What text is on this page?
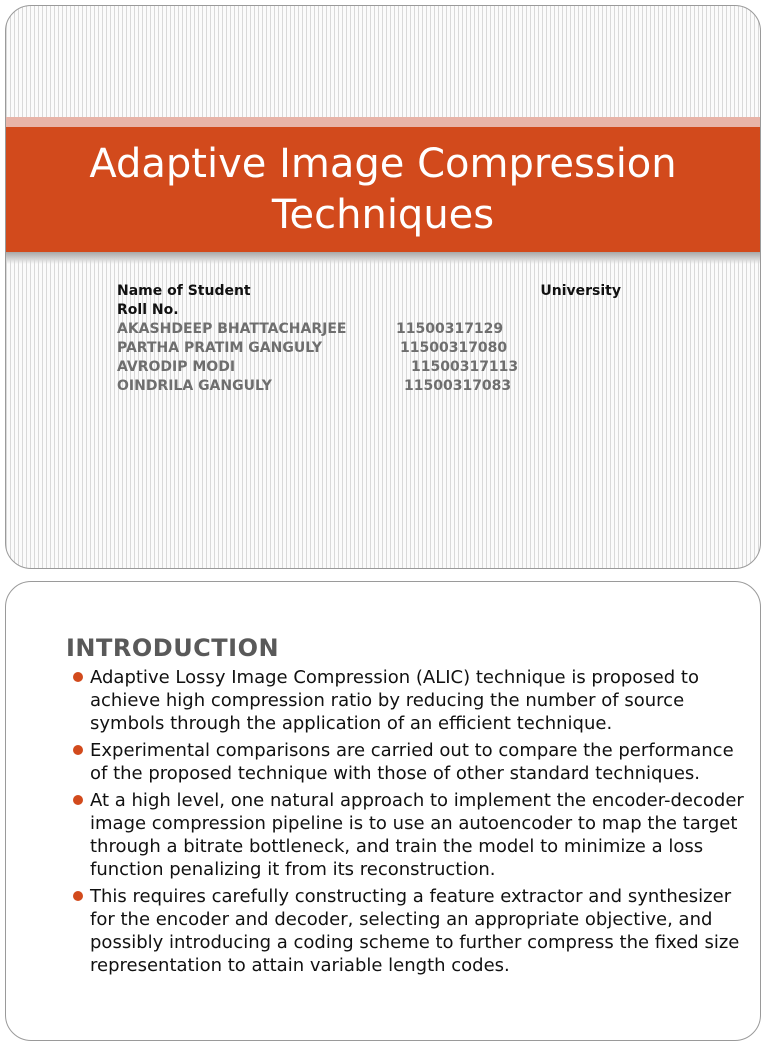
Adaptive Image Compression Techniques
Name of Student	University
Roll No.
AKASHDEEP BHATTACHARJEE	11500317129
PARTHA PRATIM GANGULY	11500317080
AVRODIP MODI	11500317113
OINDRILA GANGULY	11500317083
INTRODUCTION
Adaptive Lossy Image Compression (ALIC) technique is proposed to achieve high compression ratio by reducing the number of source symbols through the application of an efficient technique.
Experimental comparisons are carried out to compare the performance of the proposed technique with those of other standard techniques.
At a high level, one natural approach to implement the encoder-decoder image compression pipeline is to use an autoencoder to map the target through a bitrate bottleneck, and train the model to minimize a loss function penalizing it from its reconstruction.
This requires carefully constructing a feature extractor and synthesizer for the encoder and decoder, selecting an appropriate objective, and possibly introducing a coding scheme to further compress the fixed size representation to attain variable length codes.
